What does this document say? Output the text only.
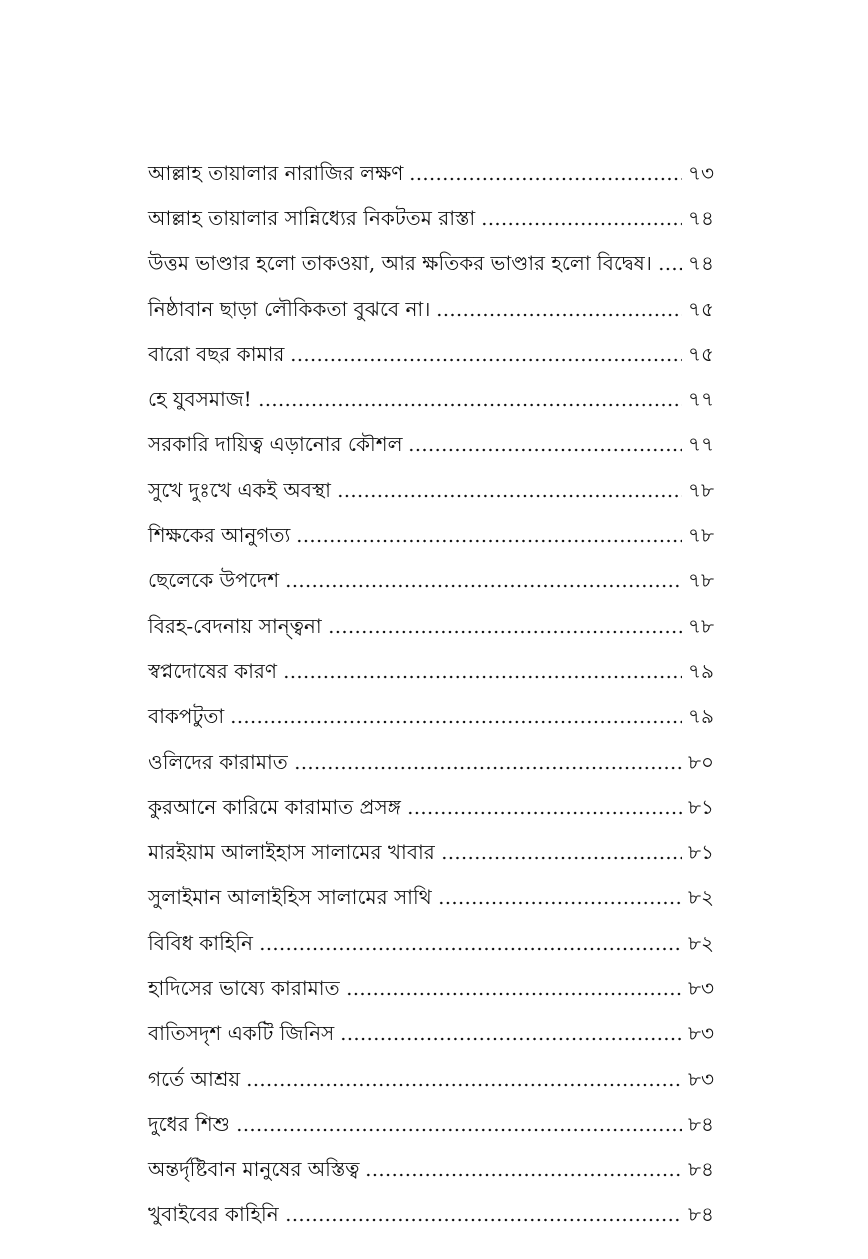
আল্লাহ তায়ালার নারাজির লক্ষণ	৭৩
আল্লাহ তায়ালার সান্নিধ্যের নিকটতম রাস্তা	৭৪
উত্তম ভাণ্ডার হলো তাকওয়া, আর ক্ষতিকর ভাণ্ডার হলো বিদ্বেষ।	৭৪
নিষ্ঠাবান ছাড়া লৌকিকতা বুঝবে না।	৭৫
বারো বছর কামার	৭৫
হে যুবসমাজ!	৭৭
সরকারি দায়িত্ব এড়ানোর কৌশল	৭৭
সুখে দুঃখে একই অবস্থা	৭৮
শিক্ষকের আনুগত্য	৭৮
ছেলেকে উপদেশ	৭৮
বিরহ-বেদনায় সান্ত্বনা	৭৮
স্বপ্নদোষের কারণ	৭৯
বাকপটুতা	৭৯
ওলিদের কারামাত	৮০
কুরআনে কারিমে কারামাত প্রসঙ্গ	৮১
মারইয়াম আলাইহাস সালামের খাবার	৮১
সুলাইমান আলাইহিস সালামের সাথি	৮২
বিবিধ কাহিনি	৮২
হাদিসের ভাষ্যে কারামাত	৮৩
বাতিসদৃশ একটি জিনিস	৮৩
গর্তে আশ্রয়	৮৩
দুধের শিশু	৮৪
অন্তর্দৃষ্টিবান মানুষের অস্তিত্ব	৮৪
খুবাইবের কাহিনি	৮৪
